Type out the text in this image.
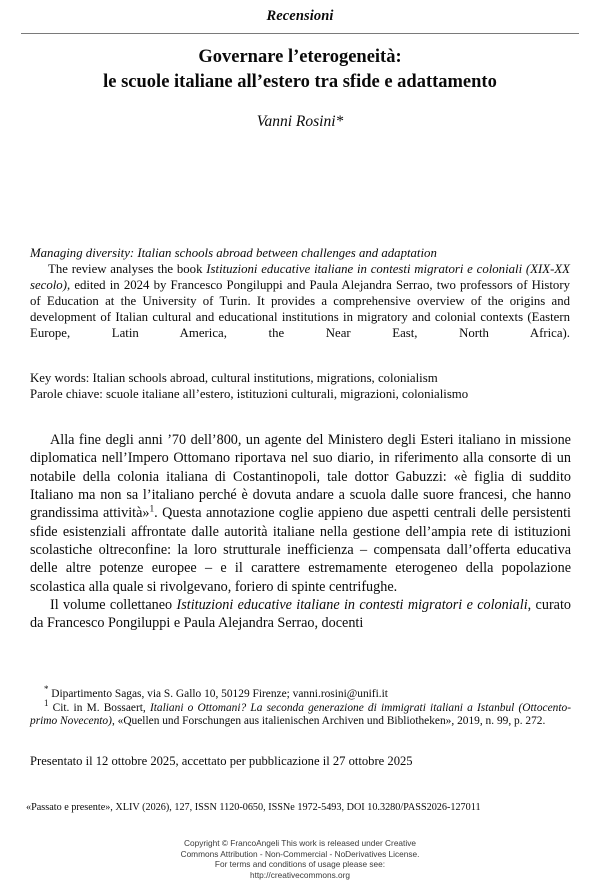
Recensioni
Governare l’eterogeneità:
le scuole italiane all’estero tra sfide e adattamento
Vanni Rosini*
Managing diversity: Italian schools abroad between challenges and adaptation
The review analyses the book Istituzioni educative italiane in contesti migratori e coloniali (XIX-XX secolo), edited in 2024 by Francesco Pongiluppi and Paula Alejandra Serrao, two professors of History of Education at the University of Turin. It provides a comprehensive overview of the origins and development of Italian cultural and educational institutions in migratory and colonial contexts (Eastern Europe, Latin America, the Near East, North Africa).
Key words: Italian schools abroad, cultural institutions, migrations, colonialism
Parole chiave: scuole italiane all’estero, istituzioni culturali, migrazioni, colonialismo

Alla fine degli anni ’70 dell’800, un agente del Ministero degli Esteri italiano in missione diplomatica nell’Impero Ottomano riportava nel suo diario, in riferimento alla consorte di un notabile della colonia italiana di Costantinopoli, tale dottor Gabuzzi: «è figlia di suddito Italiano ma non sa l’italiano perché è dovuta andare a scuola dalle suore francesi, che hanno grandissima attività»$^1$. Questa annotazione coglie appieno due aspetti centrali delle persistenti sfide esistenziali affrontate dalle autorità italiane nella gestione dell’ampia rete di istituzioni scolastiche oltreconfine: la loro strutturale inefficienza – compensata dall’offerta educativa delle altre potenze europee – e il carattere estremamente eterogeneo della popolazione scolastica alla quale si rivolgevano, foriero di spinte centrifughe.

Il volume collettaneo Istituzioni educative italiane in contesti migratori e coloniali, curato da Francesco Pongiluppi e Paula Alejandra Serrao, docenti

* Dipartimento Sagas, via S. Gallo 10, 50129 Firenze; vanni.rosini@unifi.it

$^1$ Cit. in M. Bossaert, Italiani o Ottomani? La seconda generazione di immigrati italiani a Istanbul (Ottocento-primo Novecento), «Quellen und Forschungen aus italienischen Archiven und Bibliotheken», 2019, n. 99, p. 272.

Presentato il 12 ottobre 2025, accettato per pubblicazione il 27 ottobre 2025
«Passato e presente», XLIV (2026), 127, ISSN 1120-0650, ISSNe 1972-5493, DOI 10.3280/PASS2026-127011
Copyright © FrancoAngeli This work is released under Creative
Commons Attribution - Non-Commercial - NoDerivatives License.
For terms and conditions of usage please see:
http://creativecommons.org
